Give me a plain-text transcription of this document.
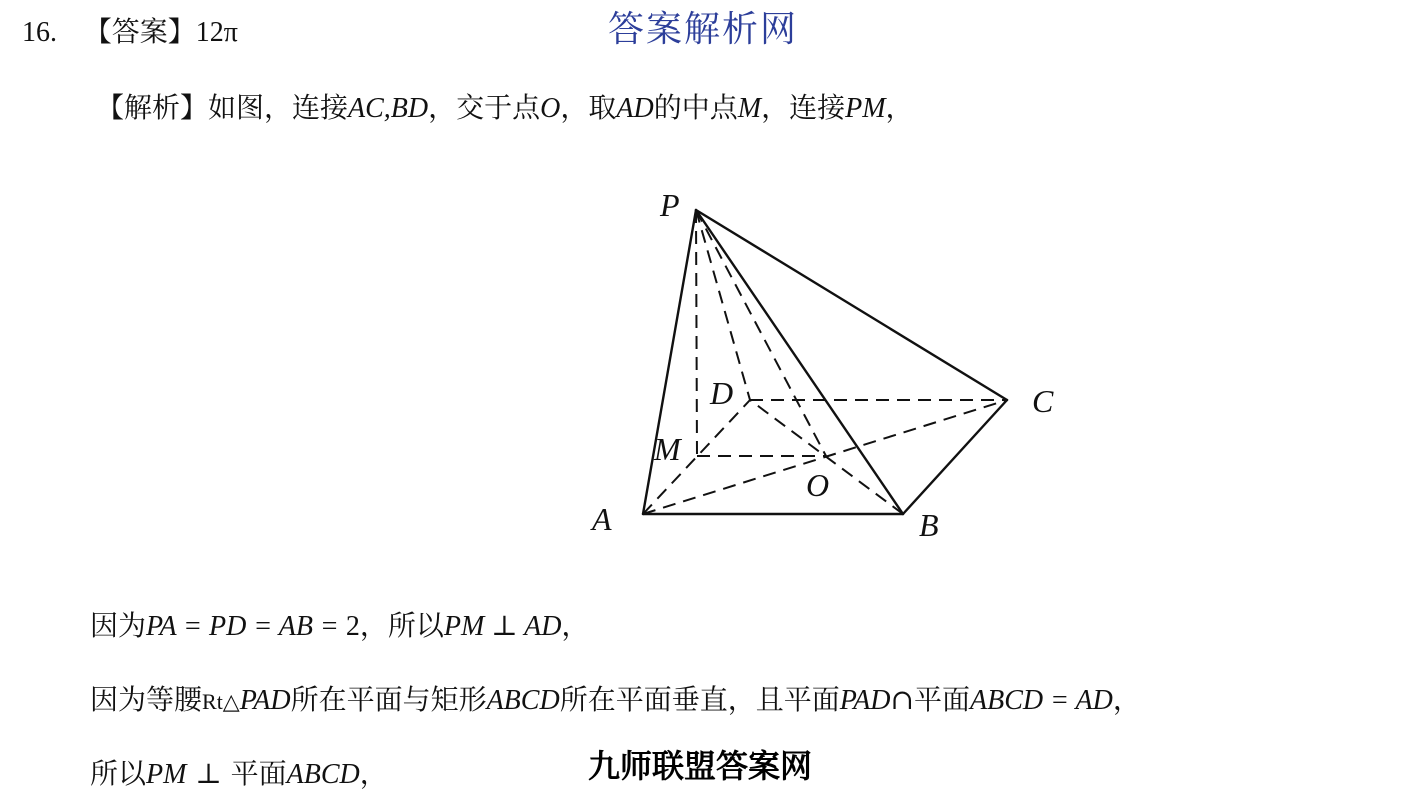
16. 【答案】12π	答案解析网
【解析】如图，连接AC,BD，交于点O，取AD的中点M，连接PM，
P
A	B
C
D
M
O
因为PA = PD = AB = 2，所以PM ⊥ AD，
因为等腰Rt△PAD所在平面与矩形ABCD所在平面垂直，且平面PAD∩平面ABCD = AD，
所以PM ⊥ 平面ABCD，	九师联盟答案网
